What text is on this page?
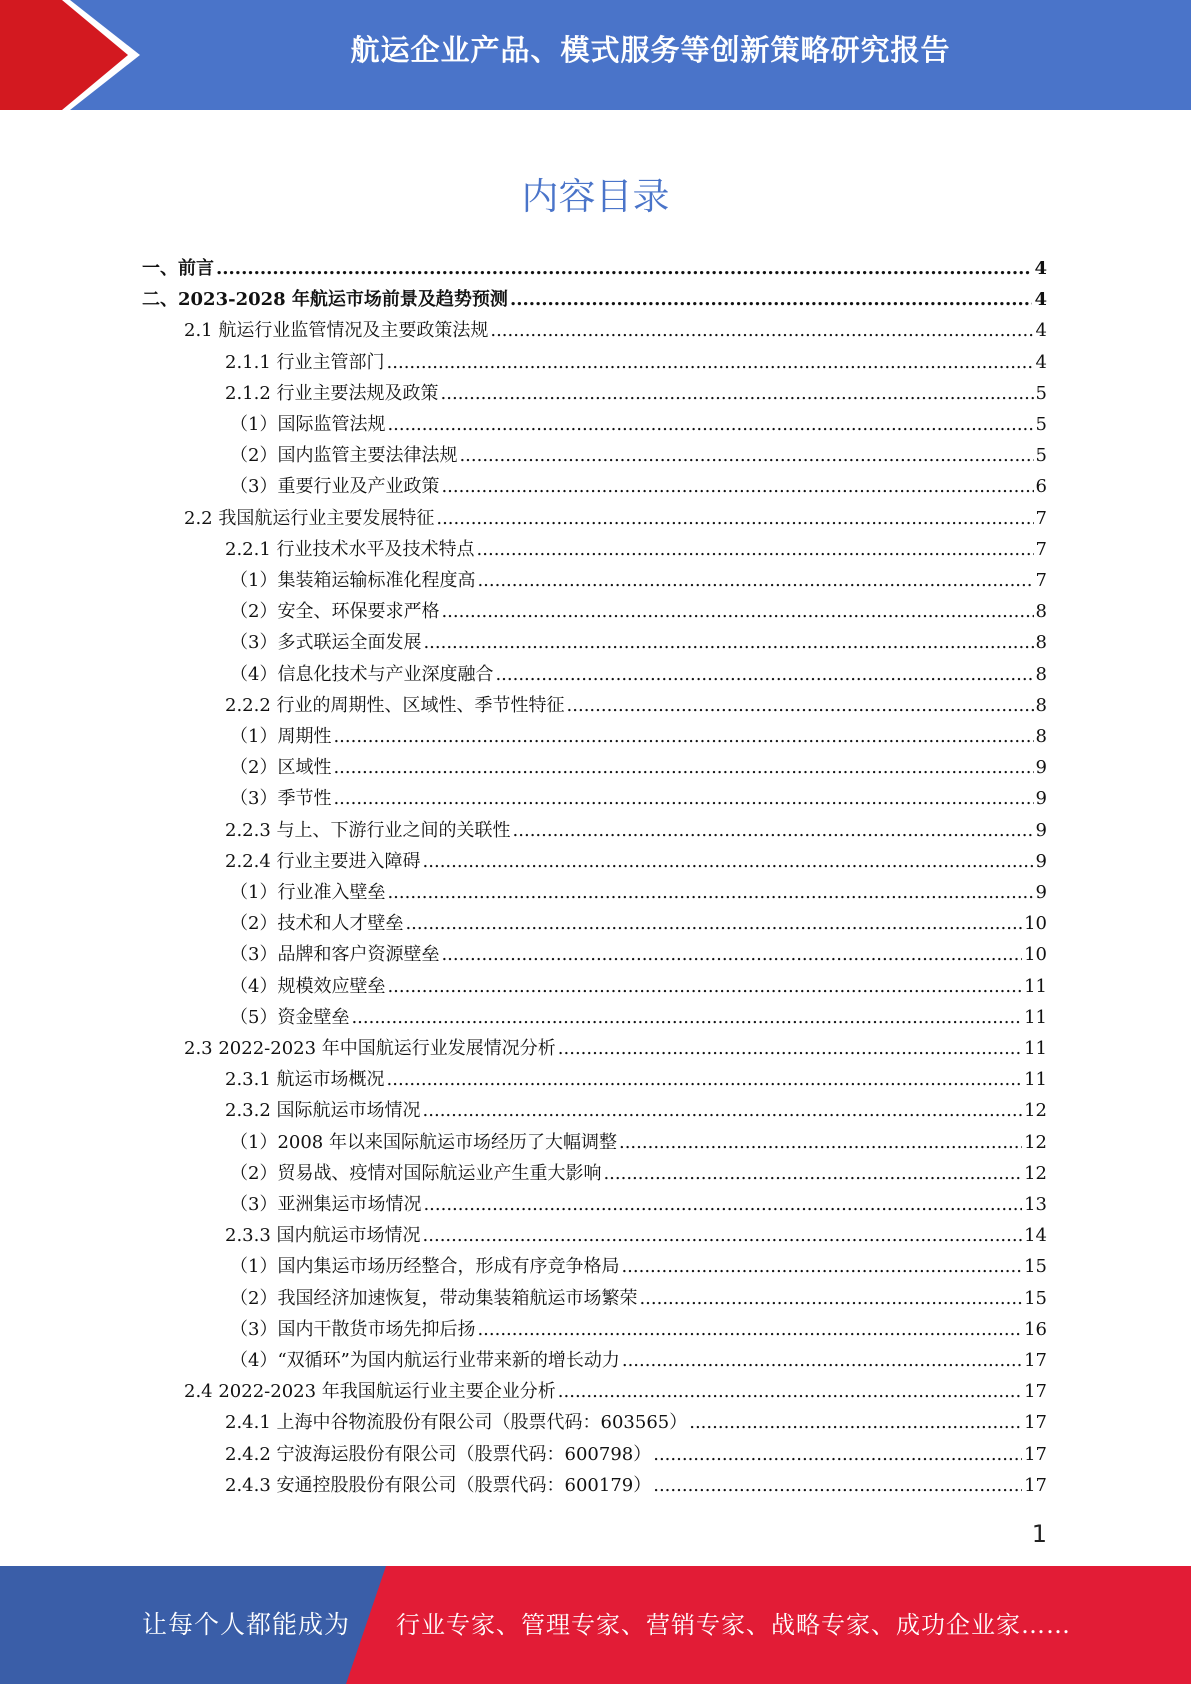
航运企业产品、模式服务等创新策略研究报告
内容目录
一、前言 .....	4
二、2023-2028 年航运市场前景及趋势预测 .....	4
2.1 航运行业监管情况及主要政策法规 .....	4
2.1.1 行业主管部门 .....	4
2.1.2 行业主要法规及政策 .....	5
（1）国际监管法规 .....	5
（2）国内监管主要法律法规 .....	5
（3）重要行业及产业政策 .....	6
2.2 我国航运行业主要发展特征 .....	7
2.2.1 行业技术水平及技术特点 .....	7
（1）集装箱运输标准化程度高 .....	7
（2）安全、环保要求严格 .....	8
（3）多式联运全面发展 .....	8
（4）信息化技术与产业深度融合 .....	8
2.2.2 行业的周期性、区域性、季节性特征 .....	8
（1）周期性 .....	8
（2）区域性 .....	9
（3）季节性 .....	9
2.2.3 与上、下游行业之间的关联性 .....	9
2.2.4 行业主要进入障碍 .....	9
（1）行业准入壁垒 .....	9
（2）技术和人才壁垒 .....	10
（3）品牌和客户资源壁垒 .....	10
（4）规模效应壁垒 .....	11
（5）资金壁垒 .....	11
2.3 2022-2023 年中国航运行业发展情况分析 .....	11
2.3.1 航运市场概况 .....	11
2.3.2 国际航运市场情况 .....	12
（1）2008 年以来国际航运市场经历了大幅调整 .....	12
（2）贸易战、疫情对国际航运业产生重大影响 .....	12
（3）亚洲集运市场情况 .....	13
2.3.3 国内航运市场情况 .....	14
（1）国内集运市场历经整合，形成有序竞争格局 .....	15
（2）我国经济加速恢复，带动集装箱航运市场繁荣 .....	15
（3）国内干散货市场先抑后扬 .....	16
（4）“双循环”为国内航运行业带来新的增长动力 .....	17
2.4 2022-2023 年我国航运行业主要企业分析 .....	17
2.4.1 上海中谷物流股份有限公司（股票代码：603565） .....	17
2.4.2 宁波海运股份有限公司（股票代码：600798） .....	17
2.4.3 安通控股股份有限公司（股票代码：600179） .....	17
1
让每个人都能成为 行业专家、管理专家、营销专家、战略专家、成功企业家……
